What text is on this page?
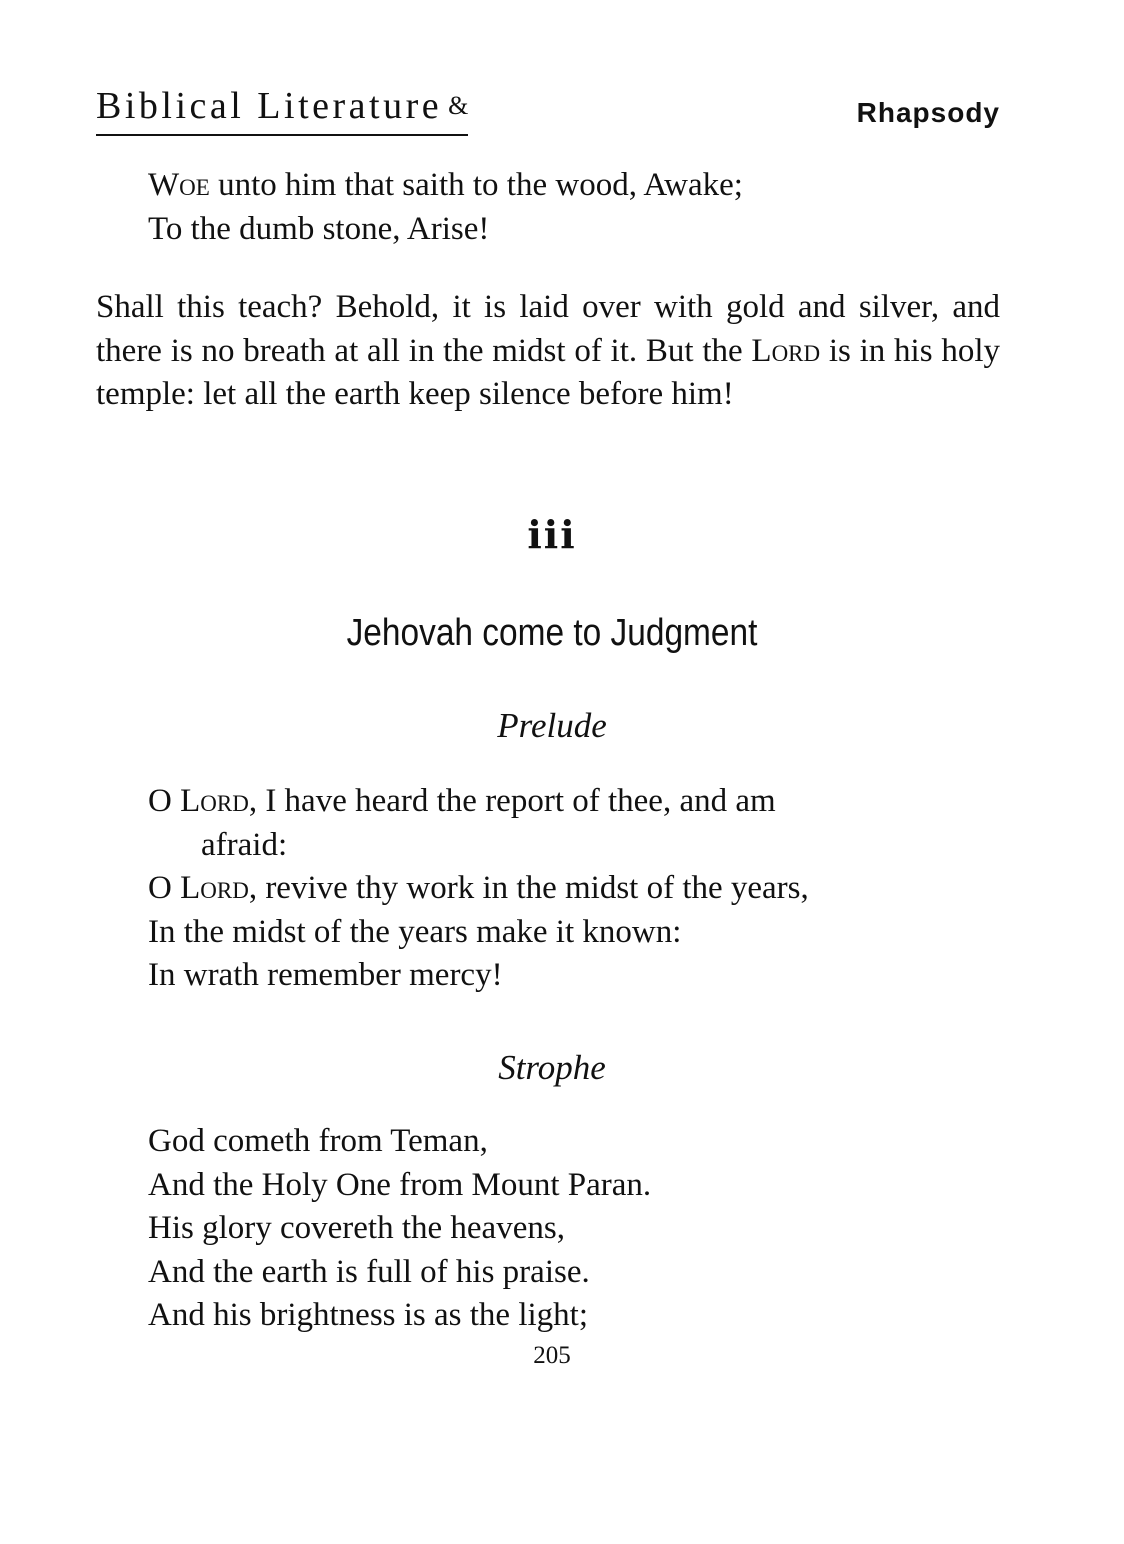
Biblical Literature &	Rhapsody
Woe unto him that saith to the wood, Awake;
To the dumb stone, Arise!
Shall this teach? Behold, it is laid over with gold and silver, and there is no breath at all in the midst of it. But the Lord is in his holy temple: let all the earth keep silence before him!
iii
Jehovah come to Judgment
Prelude
O Lord, I have heard the report of thee, and am
afraid:
O Lord, revive thy work in the midst of the years,
In the midst of the years make it known:
In wrath remember mercy!
Strophe
God cometh from Teman,
And the Holy One from Mount Paran.
His glory covereth the heavens,
And the earth is full of his praise.
And his brightness is as the light;
205
